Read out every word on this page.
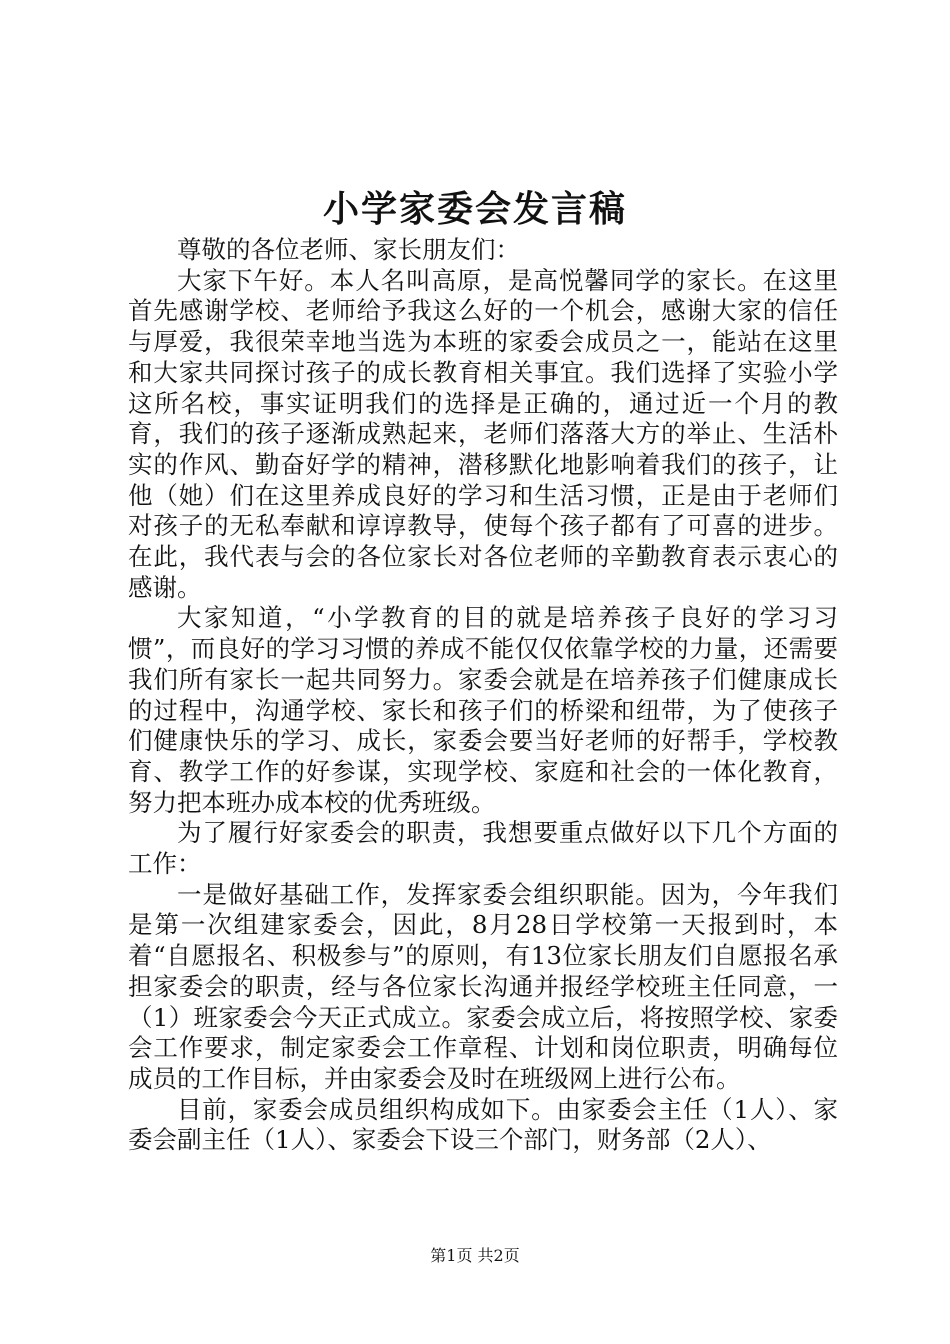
小学家委会发言稿

尊敬的各位老师、家长朋友们：

大家下午好。本人名叫高原，是高悦馨同学的家长。在这里首先感谢学校、老师给予我这么好的一个机会，感谢大家的信任与厚爱，我很荣幸地当选为本班的家委会成员之一，能站在这里和大家共同探讨孩子的成长教育相关事宜。我们选择了实验小学这所名校，事实证明我们的选择是正确的，通过近一个月的教育，我们的孩子逐渐成熟起来，老师们落落大方的举止、生活朴实的作风、勤奋好学的精神，潜移默化地影响着我们的孩子，让他（她）们在这里养成良好的学习和生活习惯，正是由于老师们对孩子的无私奉献和谆谆教导，使每个孩子都有了可喜的进步。在此，我代表与会的各位家长对各位老师的辛勤教育表示衷心的感谢。

大家知道，“小学教育的目的就是培养孩子良好的学习习惯”，而良好的学习习惯的养成不能仅仅依靠学校的力量，还需要我们所有家长一起共同努力。家委会就是在培养孩子们健康成长的过程中，沟通学校、家长和孩子们的桥梁和纽带，为了使孩子们健康快乐的学习、成长，家委会要当好老师的好帮手，学校教育、教学工作的好参谋，实现学校、家庭和社会的一体化教育，努力把本班办成本校的优秀班级。

为了履行好家委会的职责，我想要重点做好以下几个方面的工作：

一是做好基础工作，发挥家委会组织职能。因为，今年我们是第一次组建家委会，因此，8月28日学校第一天报到时，本着“自愿报名、积极参与”的原则，有13位家长朋友们自愿报名承担家委会的职责，经与各位家长沟通并报经学校班主任同意，一（1）班家委会今天正式成立。家委会成立后，将按照学校、家委会工作要求，制定家委会工作章程、计划和岗位职责，明确每位成员的工作目标，并由家委会及时在班级网上进行公布。

目前，家委会成员组织构成如下。由家委会主任（1人）、家委会副主任（1人）、家委会下设三个部门，财务部（2人）、

第1页 共2页
